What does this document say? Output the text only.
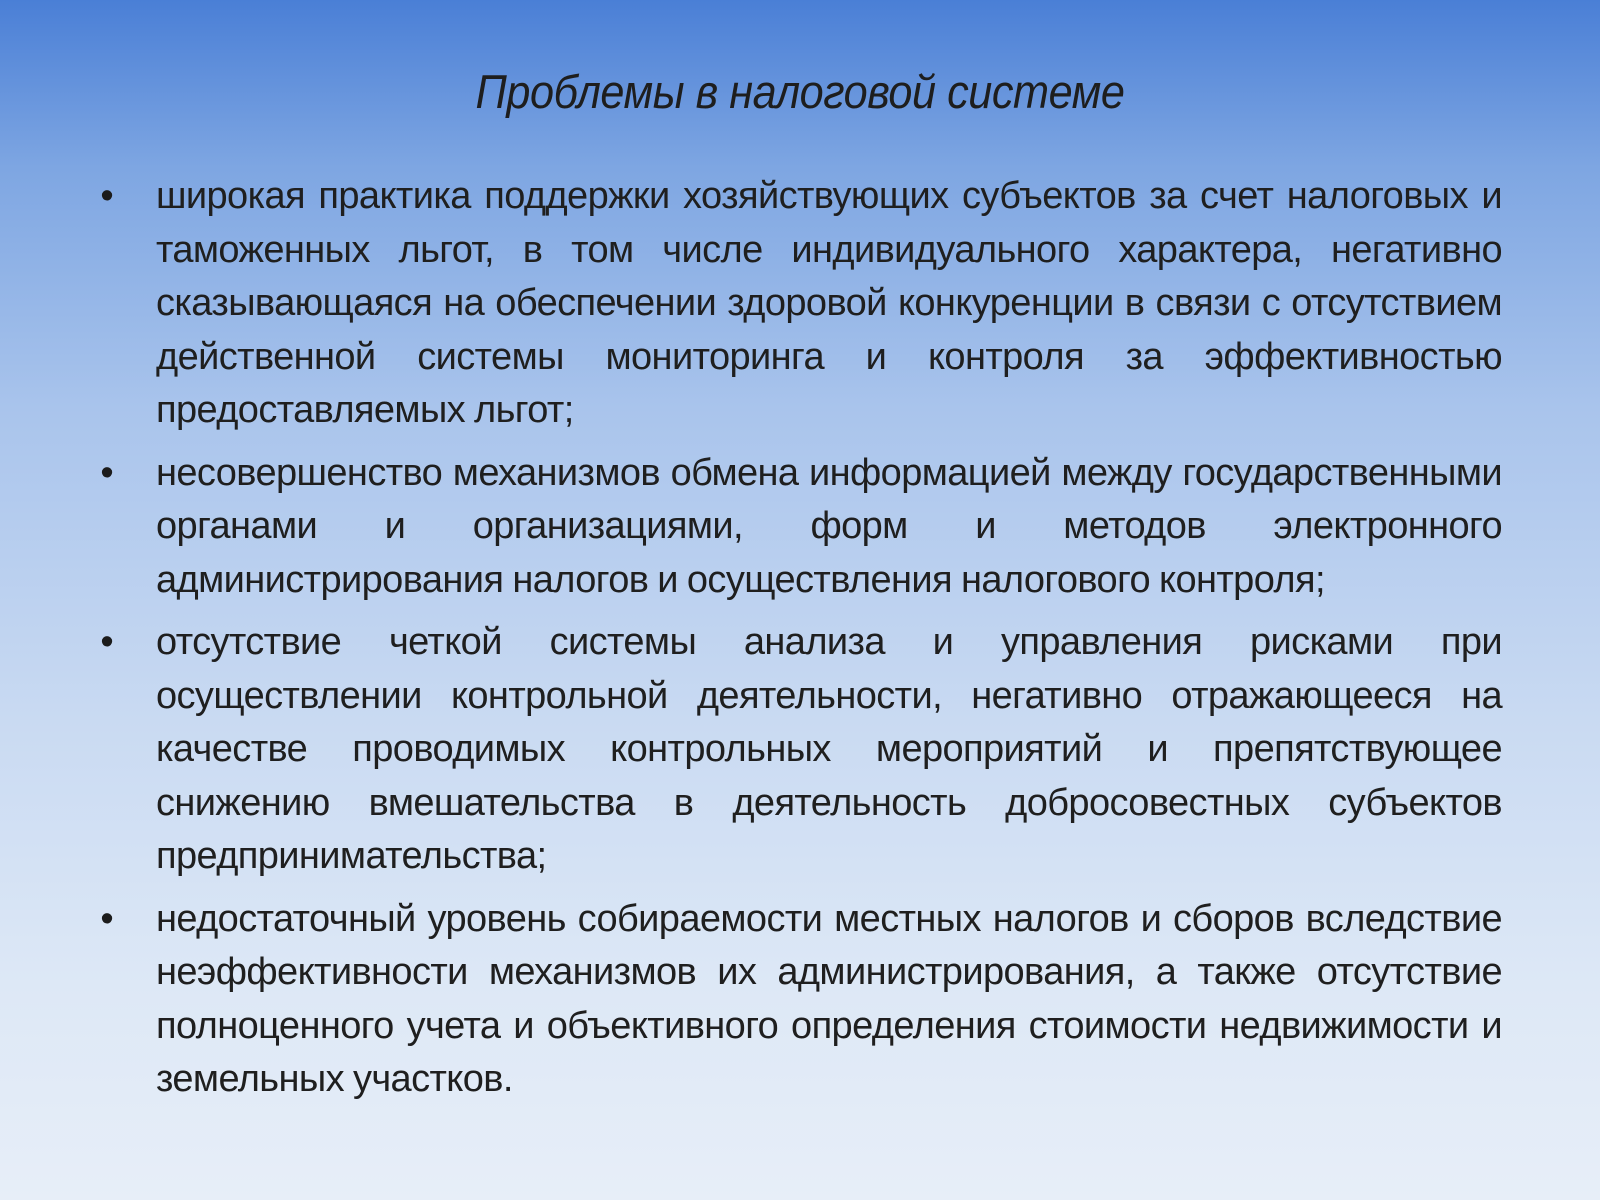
Проблемы в налоговой системе
• широкая практика поддержки хозяйствующих субъектов за счет налоговых и таможенных льгот, в том числе индивидуального характера, негативно сказывающаяся на обеспечении здоровой конкуренции в связи с отсутствием действенной системы мониторинга и контроля за эффективностью предоставляемых льгот;
• несовершенство механизмов обмена информацией между государственными органами и организациями, форм и методов электронного администрирования налогов и осуществления налогового контроля;
• отсутствие четкой системы анализа и управления рисками при осуществлении контрольной деятельности, негативно отражающееся на качестве проводимых контрольных мероприятий и препятствующее снижению вмешательства в деятельность добросовестных субъектов предпринимательства;
• недостаточный уровень собираемости местных налогов и сборов вследствие неэффективности механизмов их администрирования, а также отсутствие полноценного учета и объективного определения стоимости недвижимости и земельных участков.
